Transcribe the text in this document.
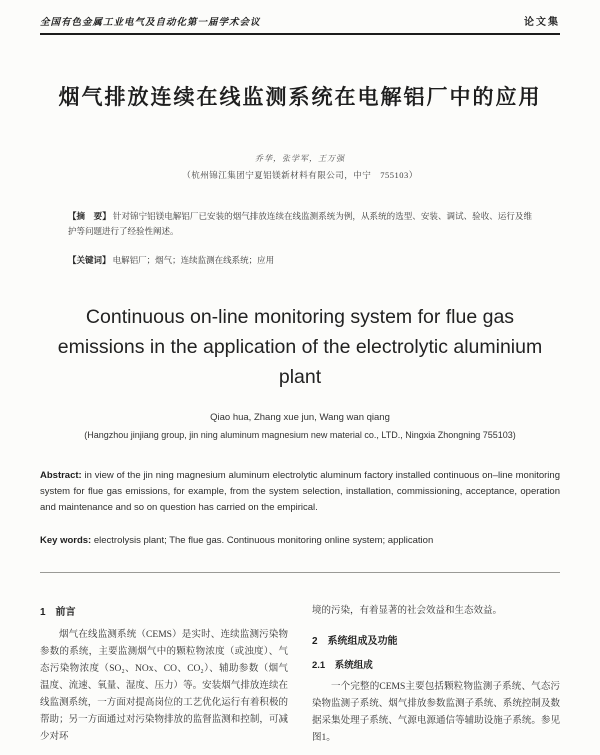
全国有色金属工业电气及自动化第一届学术会议	论文集
烟气排放连续在线监测系统在电解铝厂中的应用
乔华，张学军，王万强
（杭州锦江集团宁夏铝镁新材料有限公司，中宁　755103）

【摘　要】 针对锦宁铝镁电解铝厂已安装的烟气排放连续在线监测系统为例，从系统的选型、安装、调试、验收、运行及维护等问题进行了经验性阐述。

【关键词】 电解铝厂；烟气；连续监测在线系统；应用

Continuous on-line monitoring system for flue gas emissions in the application of the electrolytic aluminium plant
Qiao hua, Zhang xue jun, Wang wan qiang
(Hangzhou jinjiang group, jin ning aluminum magnesium new material co., LTD., Ningxia Zhongning 755103)

Abstract: in view of the jin ning magnesium aluminum electrolytic aluminum factory installed continuous on–line monitoring system for flue gas emissions, for example, from the system selection, installation, commissioning, acceptance, operation and maintenance and so on question has carried on the empirical.

Key words: electrolysis plant; The flue gas. Continuous monitoring online system; application

1　前言

烟气在线监测系统（CEMS）是实时、连续监测污染物参数的系统，主要监测烟气中的颗粒物浓度（或浊度）、气态污染物浓度（SO₂、NOx、CO、CO₂）、辅助参数（烟气温度、流速、氧量、湿度、压力）等。安装烟气排放连续在线监测系统，一方面对提高岗位的工艺优化运行有着积极的帮助；另一方面通过对污染物排放的监督监测和控制，可减少对环

境的污染，有着显著的社会效益和生态效益。

2　系统组成及功能
2.1　系统组成

一个完整的CEMS主要包括颗粒物监测子系统、气态污染物监测子系统、烟气排放参数监测子系统、系统控制及数据采集处理子系统、气源电源通信等辅助设施子系统。参见图1。
